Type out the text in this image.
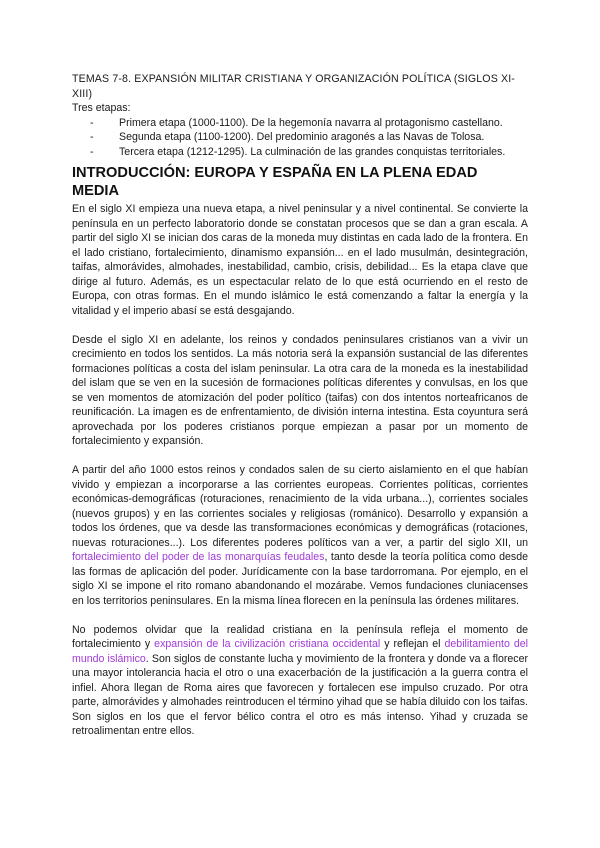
TEMAS 7-8. EXPANSIÓN MILITAR CRISTIANA Y ORGANIZACIÓN POLÍTICA (SIGLOS XI-XIII)

Tres etapas:

- Primera etapa (1000-1100). De la hegemonía navarra al protagonismo castellano.
- Segunda etapa (1100-1200). Del predominio aragonés a las Navas de Tolosa.
- Tercera etapa (1212-1295). La culminación de las grandes conquistas territoriales.
INTRODUCCIÓN: EUROPA Y ESPAÑA EN LA PLENA EDAD MEDIA

En el siglo XI empieza una nueva etapa, a nivel peninsular y a nivel continental. Se convierte la península en un perfecto laboratorio donde se constatan procesos que se dan a gran escala. A partir del siglo XI se inician dos caras de la moneda muy distintas en cada lado de la frontera. En el lado cristiano, fortalecimiento, dinamismo expansión... en el lado musulmán, desintegración, taifas, almorávides, almohades, inestabilidad, cambio, crisis, debilidad... Es la etapa clave que dirige al futuro. Además, es un espectacular relato de lo que está ocurriendo en el resto de Europa, con otras formas. En el mundo islámico le está comenzando a faltar la energía y la vitalidad y el imperio abasí se está desgajando.

Desde el siglo XI en adelante, los reinos y condados peninsulares cristianos van a vivir un crecimiento en todos los sentidos. La más notoria será la expansión sustancial de las diferentes formaciones políticas a costa del islam peninsular. La otra cara de la moneda es la inestabilidad del islam que se ven en la sucesión de formaciones políticas diferentes y convulsas, en los que se ven momentos de atomización del poder político (taifas) con dos intentos norteafricanos de reunificación. La imagen es de enfrentamiento, de división interna intestina. Esta coyuntura será aprovechada por los poderes cristianos porque empiezan a pasar por un momento de fortalecimiento y expansión.

A partir del año 1000 estos reinos y condados salen de su cierto aislamiento en el que habían vivido y empiezan a incorporarse a las corrientes europeas. Corrientes políticas, corrientes económicas-demográficas (roturaciones, renacimiento de la vida urbana...), corrientes sociales (nuevos grupos) y en las corrientes sociales y religiosas (románico). Desarrollo y expansión a todos los órdenes, que va desde las transformaciones económicas y demográficas (rotaciones, nuevas roturaciones...). Los diferentes poderes políticos van a ver, a partir del siglo XII, un fortalecimiento del poder de las monarquías feudales, tanto desde la teoría política como desde las formas de aplicación del poder. Jurídicamente con la base tardorromana. Por ejemplo, en el siglo XI se impone el rito romano abandonando el mozárabe. Vemos fundaciones cluniacenses en los territorios peninsulares. En la misma línea florecen en la península las órdenes militares.

No podemos olvidar que la realidad cristiana en la península refleja el momento de fortalecimiento y expansión de la civilización cristiana occidental y reflejan el debilitamiento del mundo islámico. Son siglos de constante lucha y movimiento de la frontera y donde va a florecer una mayor intolerancia hacia el otro o una exacerbación de la justificación a la guerra contra el infiel. Ahora llegan de Roma aires que favorecen y fortalecen ese impulso cruzado. Por otra parte, almorávides y almohades reintroducen el término yihad que se había diluido con los taifas. Son siglos en los que el fervor bélico contra el otro es más intenso. Yihad y cruzada se retroalimentan entre ellos.
